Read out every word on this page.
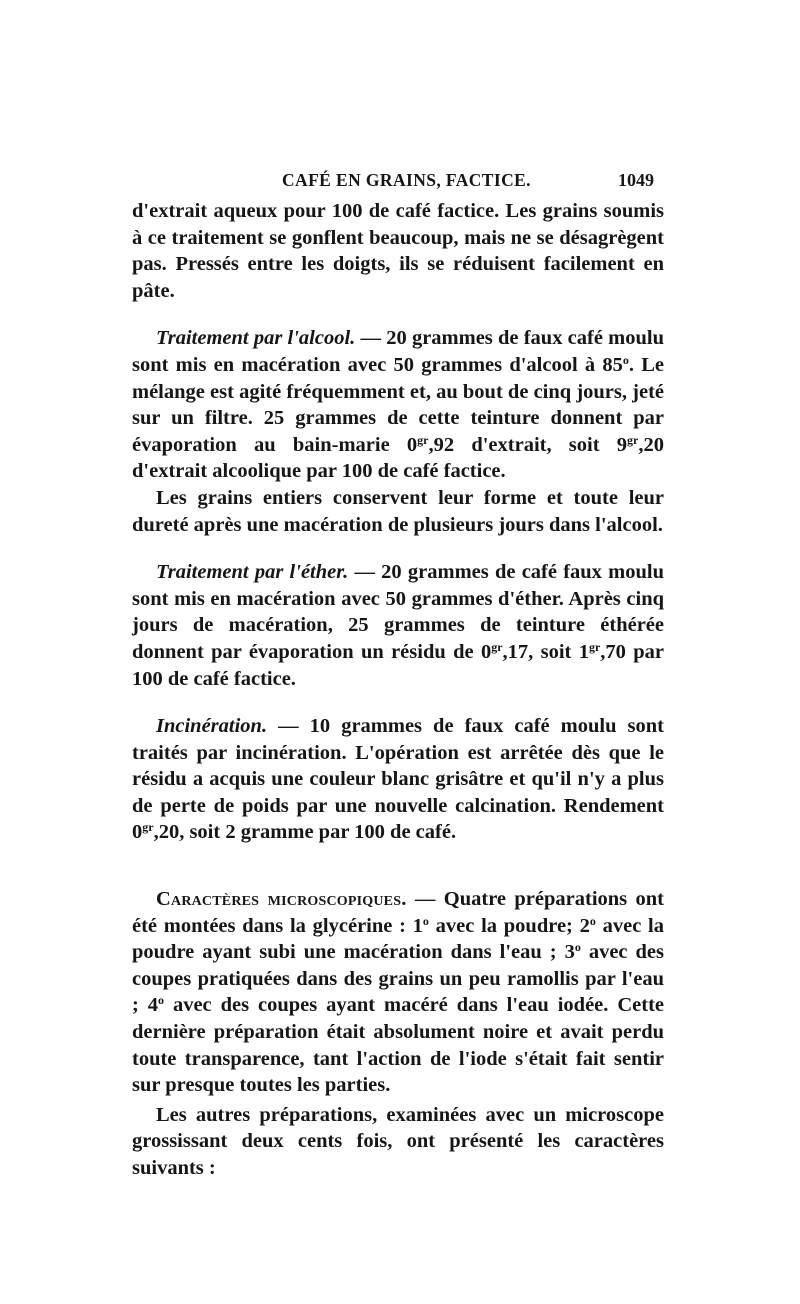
CAFÉ EN GRAINS, FACTICE.	1049

d'extrait aqueux pour 100 de café factice. Les grains soumis à ce traitement se gonflent beaucoup, mais ne se désagrègent pas. Pressés entre les doigts, ils se réduisent facilement en pâte.

Traitement par l'alcool. — 20 grammes de faux café moulu sont mis en macération avec 50 grammes d'alcool à 85$^o$. Le mélange est agité fréquemment et, au bout de cinq jours, jeté sur un filtre. 25 grammes de cette teinture donnent par évaporation au bain-marie $0^{gr},92$ d'extrait, soit $9^{gr},20$ d'extrait alcoolique par 100 de café factice.

Les grains entiers conservent leur forme et toute leur dureté après une macération de plusieurs jours dans l'alcool.

Traitement par l'éther. — 20 grammes de café faux moulu sont mis en macération avec 50 grammes d'éther. Après cinq jours de macération, 25 grammes de teinture éthérée donnent par évaporation un résidu de $0^{gr},17$, soit $1^{gr},70$ par 100 de café factice.

Incinération. — 10 grammes de faux café moulu sont traités par incinération. L'opération est arrêtée dès que le résidu a acquis une couleur blanc grisâtre et qu'il n'y a plus de perte de poids par une nouvelle calcination. Rendement $0^{gr},20$, soit 2 gramme par 100 de café.

Caractères microscopiques. — Quatre préparations ont été montées dans la glycérine : 1$^o$ avec la poudre; 2$^o$ avec la poudre ayant subi une macération dans l'eau ; 3$^o$ avec des coupes pratiquées dans des grains un peu ramollis par l'eau ; 4$^o$ avec des coupes ayant macéré dans l'eau iodée. Cette dernière préparation était absolument noire et avait perdu toute transparence, tant l'action de l'iode s'était fait sentir sur presque toutes les parties.

Les autres préparations, examinées avec un microscope grossissant deux cents fois, ont présenté les caractères suivants :
